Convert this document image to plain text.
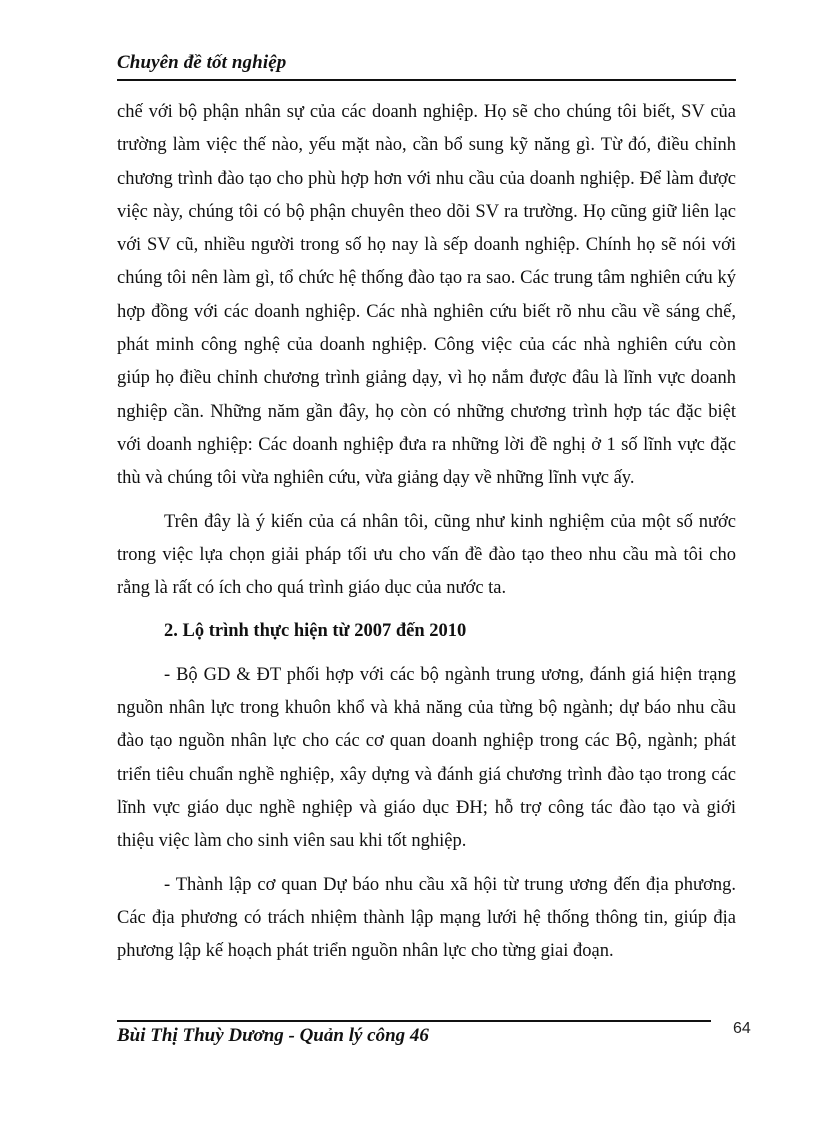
Chuyên đề tốt nghiệp

chế với bộ phận nhân sự của các doanh nghiệp. Họ sẽ cho chúng tôi biết, SV của trường làm việc thế nào, yếu mặt nào, cần bổ sung kỹ năng gì. Từ đó, điều chỉnh chương trình đào tạo cho phù hợp hơn với nhu cầu của doanh nghiệp. Để làm được việc này, chúng tôi có bộ phận chuyên theo dõi SV ra trường. Họ cũng giữ liên lạc với SV cũ, nhiều người trong số họ nay là sếp doanh nghiệp. Chính họ sẽ nói với chúng tôi nên làm gì, tổ chức hệ thống đào tạo ra sao. Các trung tâm nghiên cứu ký hợp đồng với các doanh nghiệp. Các nhà nghiên cứu biết rõ nhu cầu về sáng chế, phát minh công nghệ của doanh nghiệp. Công việc của các nhà nghiên cứu còn giúp họ điều chỉnh chương trình giảng dạy, vì họ nắm được đâu là lĩnh vực doanh nghiệp cần. Những năm gần đây, họ còn có những chương trình hợp tác đặc biệt với doanh nghiệp: Các doanh nghiệp đưa ra những lời đề nghị ở 1 số lĩnh vực đặc thù và chúng tôi vừa nghiên cứu, vừa giảng dạy về những lĩnh vực ấy.

Trên đây là ý kiến của cá nhân tôi, cũng như kinh nghiệm của một số nước trong việc lựa chọn giải pháp tối ưu cho vấn đề đào tạo theo nhu cầu mà tôi cho rằng là rất có ích cho quá trình giáo dục của nước ta.

2. Lộ trình thực hiện từ 2007 đến 2010

- Bộ GD & ĐT phối hợp với các bộ ngành trung ương, đánh giá hiện trạng nguồn nhân lực trong khuôn khổ và khả năng của từng bộ ngành; dự báo nhu cầu đào tạo nguồn nhân lực cho các cơ quan doanh nghiệp trong các Bộ, ngành; phát triển tiêu chuẩn nghề nghiệp, xây dựng và đánh giá chương trình đào tạo trong các lĩnh vực giáo dục nghề nghiệp và giáo dục ĐH; hỗ trợ công tác đào tạo và giới thiệu việc làm cho sinh viên sau khi tốt nghiệp.

- Thành lập cơ quan Dự báo nhu cầu xã hội từ trung ương đến địa phương. Các địa phương có trách nhiệm thành lập mạng lưới hệ thống thông tin, giúp địa phương lập kế hoạch phát triển nguồn nhân lực cho từng giai đoạn.

Bùi Thị Thuỳ Dương - Quản lý công 46	64
